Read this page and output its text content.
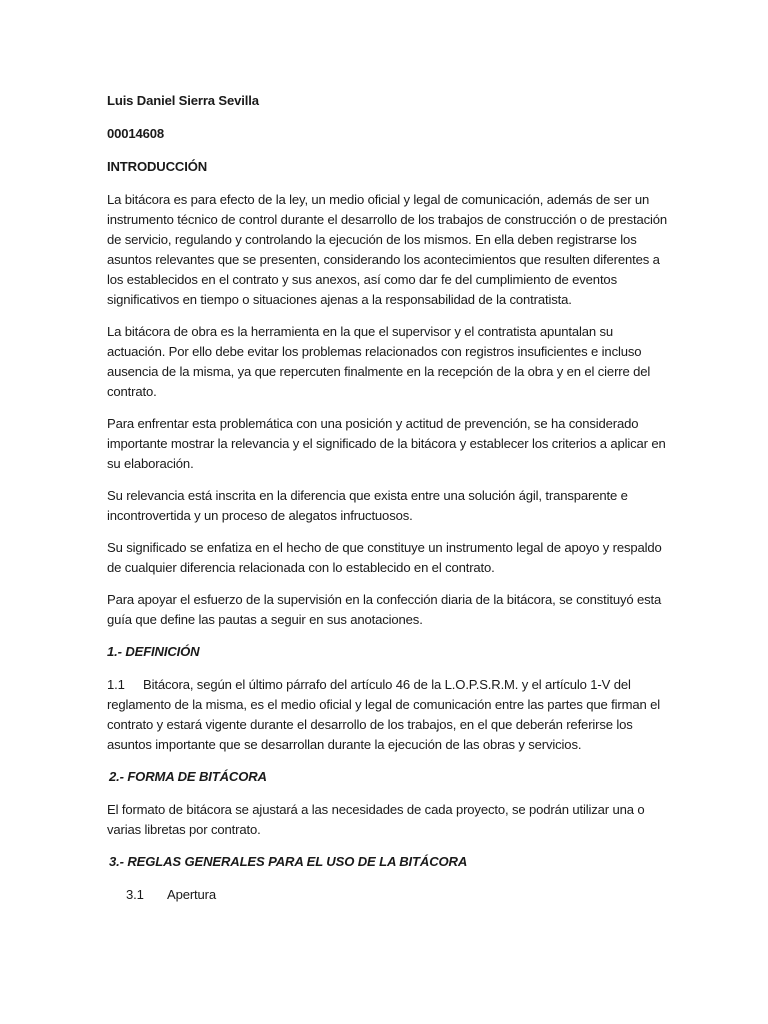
Luis Daniel Sierra Sevilla
00014608
INTRODUCCIÓN

La bitácora es para efecto de la ley, un medio oficial y legal de comunicación, además de ser un instrumento técnico de control durante el desarrollo de los trabajos de construcción o de prestación de servicio, regulando y controlando la ejecución de los mismos. En ella deben registrarse los asuntos relevantes que se presenten, considerando los acontecimientos que resulten diferentes a los establecidos en el contrato y sus anexos, así como dar fe del cumplimiento de eventos significativos en tiempo o situaciones ajenas a la responsabilidad de la contratista.

La bitácora de obra es la herramienta en la que el supervisor y el contratista apuntalan su actuación. Por ello debe evitar los problemas relacionados con registros insuficientes e incluso ausencia de la misma, ya que repercuten finalmente en la recepción de la obra y en el cierre del contrato.

Para enfrentar esta problemática con una posición y actitud de prevención, se ha considerado importante mostrar la relevancia y el significado de la bitácora y establecer los criterios a aplicar en su elaboración.

Su relevancia está inscrita en la diferencia que exista entre una solución ágil, transparente e incontrovertida y un proceso de alegatos infructuosos.

Su significado se enfatiza en el hecho de que constituye un instrumento legal de apoyo y respaldo de cualquier diferencia relacionada con lo establecido en el contrato.

Para apoyar el esfuerzo de la supervisión en la confección diaria de la bitácora, se constituyó esta guía que define las pautas a seguir en sus anotaciones.

1.- DEFINICIÓN

1.1 Bitácora, según el último párrafo del artículo 46 de la L.O.P.S.R.M. y el artículo 1-V del reglamento de la misma, es el medio oficial y legal de comunicación entre las partes que firman el contrato y estará vigente durante el desarrollo de los trabajos, en el que deberán referirse los asuntos importante que se desarrollan durante la ejecución de las obras y servicios.

2.- FORMA DE BITÁCORA

El formato de bitácora se ajustará a las necesidades de cada proyecto, se podrán utilizar una o varias libretas por contrato.

3.- REGLAS GENERALES PARA EL USO DE LA BITÁCORA

3.1 Apertura
